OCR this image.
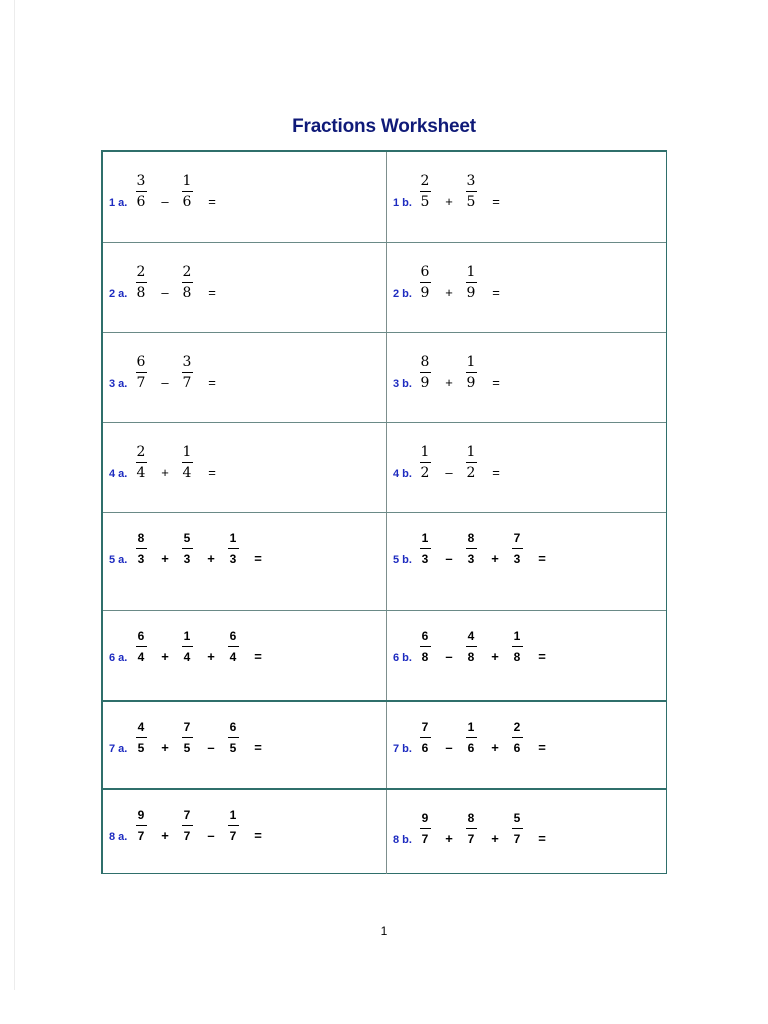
Fractions Worksheet
1 a.
3
6 –
1
6 =	1 b.
2
5 +
3
5 =
2 a.
2
8 –
2
8 =	2 b.
6
9 +
1
9 =
3 a.
6
7 –
3
7 =	3 b.
8
9 +
1
9 =
4 a.
2
4 +
1
4 =	4 b.
1
2 –
1
2 =
5 a.
8
3	+
5
3	+
1
3	=	5 b.
1
3	–
8
3	+
7
3	=
6 a.
6
4	+
1
4	+
6
4	=	6 b.
6
8	–
4
8	+
1
8	=
7 a.
4
5	+
7
5	–
6
5	=	7 b.
7
6	–
1
6	+
2
6	=
8 a.
9
7	+
7
7	–
1
7	=	8 b.
9
7	+
8
7	+
5
7	=
1
